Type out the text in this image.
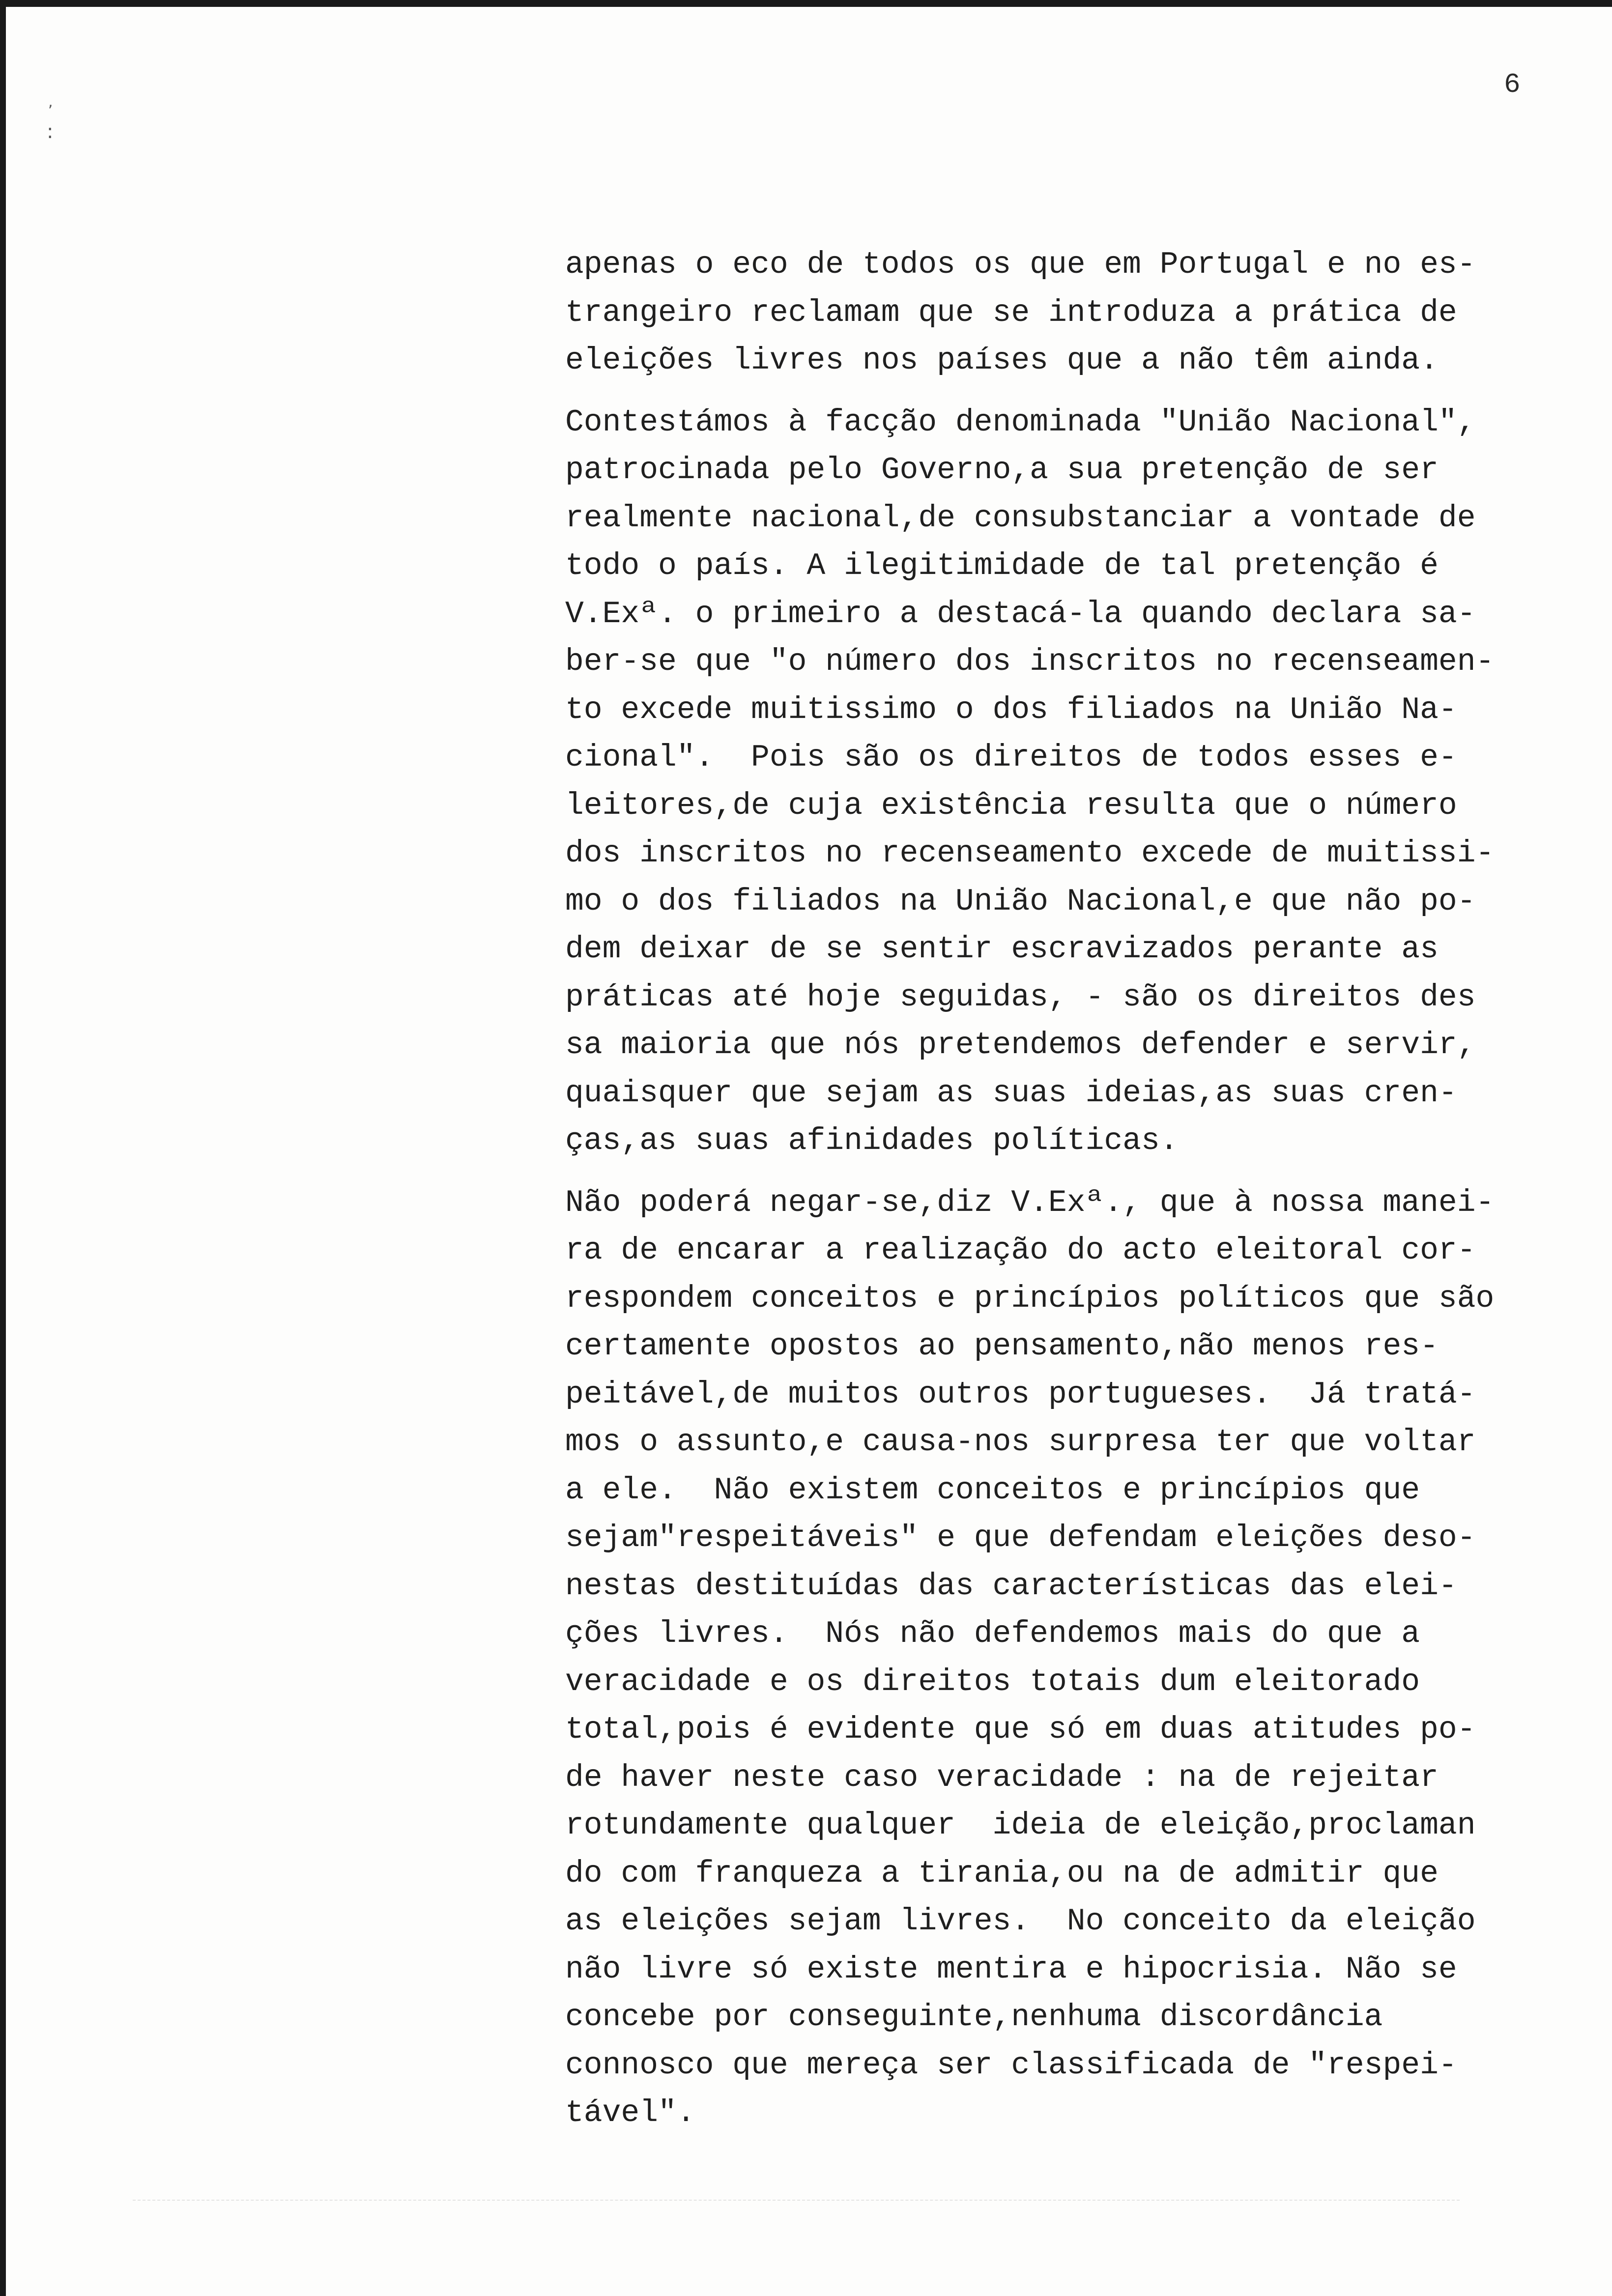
,
:
6

apenas o eco de todos os que em Portugal e no es-
trangeiro reclamam que se introduza a prática de
eleições livres nos países que a não têm ainda.

Contestámos à facção denominada "União Nacional",
patrocinada pelo Governo,a sua pretenção de ser
realmente nacional,de consubstanciar a vontade de
todo o país. A ilegitimidade de tal pretenção é
V.Exª. o primeiro a destacá-la quando declara sa-
ber-se que "o número dos inscritos no recenseamen-
to excede muitissimo o dos filiados na União Na-
cional".  Pois são os direitos de todos esses e-
leitores,de cuja existência resulta que o número
dos inscritos no recenseamento excede de muitissi-
mo o dos filiados na União Nacional,e que não po-
dem deixar de se sentir escravizados perante as
práticas até hoje seguidas, - são os direitos des
sa maioria que nós pretendemos defender e servir,
quaisquer que sejam as suas ideias,as suas cren-
ças,as suas afinidades políticas.

Não poderá negar-se,diz V.Exª., que à nossa manei-
ra de encarar a realização do acto eleitoral cor-
respondem conceitos e princípios políticos que são
certamente opostos ao pensamento,não menos res-
peitável,de muitos outros portugueses.  Já tratá-
mos o assunto,e causa-nos surpresa ter que voltar
a ele.  Não existem conceitos e princípios que
sejam"respeitáveis" e que defendam eleições deso-
nestas destituídas das características das elei-
ções livres.  Nós não defendemos mais do que a
veracidade e os direitos totais dum eleitorado
total,pois é evidente que só em duas atitudes po-
de haver neste caso veracidade : na de rejeitar
rotundamente qualquer  ideia de eleição,proclaman
do com franqueza a tirania,ou na de admitir que
as eleições sejam livres.  No conceito da eleição
não livre só existe mentira e hipocrisia. Não se
concebe por conseguinte,nenhuma discordância
connosco que mereça ser classificada de "respei-
tável".
